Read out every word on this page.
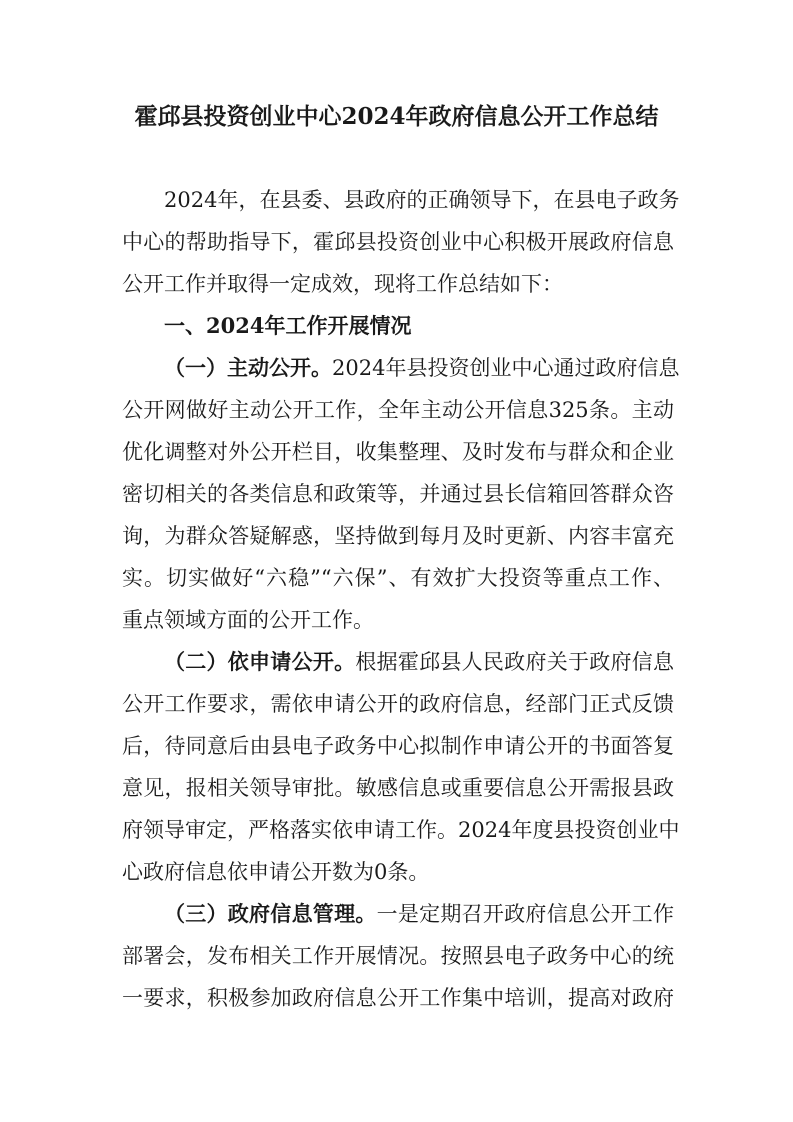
霍邱县投资创业中心2024年政府信息公开工作总结
2024年，在县委、县政府的正确领导下，在县电子政务
中心的帮助指导下，霍邱县投资创业中心积极开展政府信息
公开工作并取得一定成效，现将工作总结如下：
一、2024年工作开展情况
（一）主动公开。2024年县投资创业中心通过政府信息
公开网做好主动公开工作，全年主动公开信息325条。主动
优化调整对外公开栏目，收集整理、及时发布与群众和企业
密切相关的各类信息和政策等，并通过县长信箱回答群众咨
询，为群众答疑解惑，坚持做到每月及时更新、内容丰富充
实。切实做好“六稳”“六保”、有效扩大投资等重点工作、
重点领域方面的公开工作。
（二）依申请公开。根据霍邱县人民政府关于政府信息
公开工作要求，需依申请公开的政府信息，经部门正式反馈
后，待同意后由县电子政务中心拟制作申请公开的书面答复
意见，报相关领导审批。敏感信息或重要信息公开需报县政
府领导审定，严格落实依申请工作。2024年度县投资创业中
心政府信息依申请公开数为0条。
（三）政府信息管理。一是定期召开政府信息公开工作
部署会，发布相关工作开展情况。按照县电子政务中心的统
一要求，积极参加政府信息公开工作集中培训，提高对政府
